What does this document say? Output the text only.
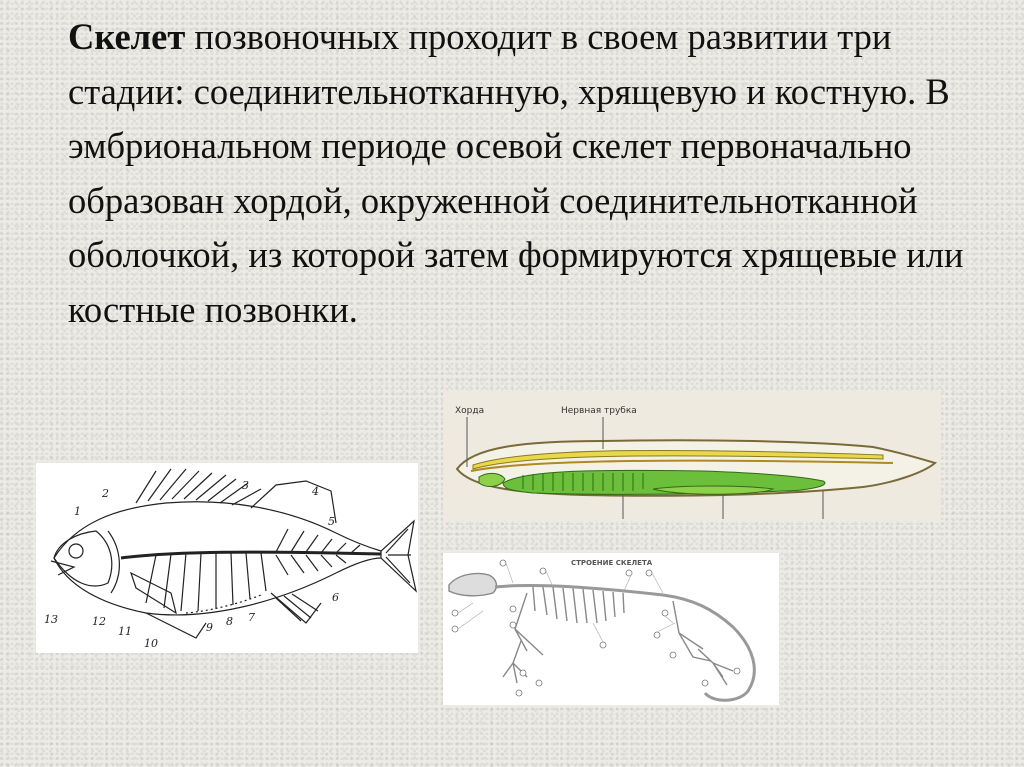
Скелет позвоночных проходит в своем развитии три стадии: соединительнотканную, хрящевую и костную. В эмбриональном периоде осевой скелет первоначально образован хордой, окруженной соединительнотканной оболочкой, из которой затем формируются хрящевые или костные позвонки.
1
2
3	4
5
6
7
8
9
10
11
12
13
Хорда	Нервная трубка
СТРОЕНИЕ СКЕЛЕТА
